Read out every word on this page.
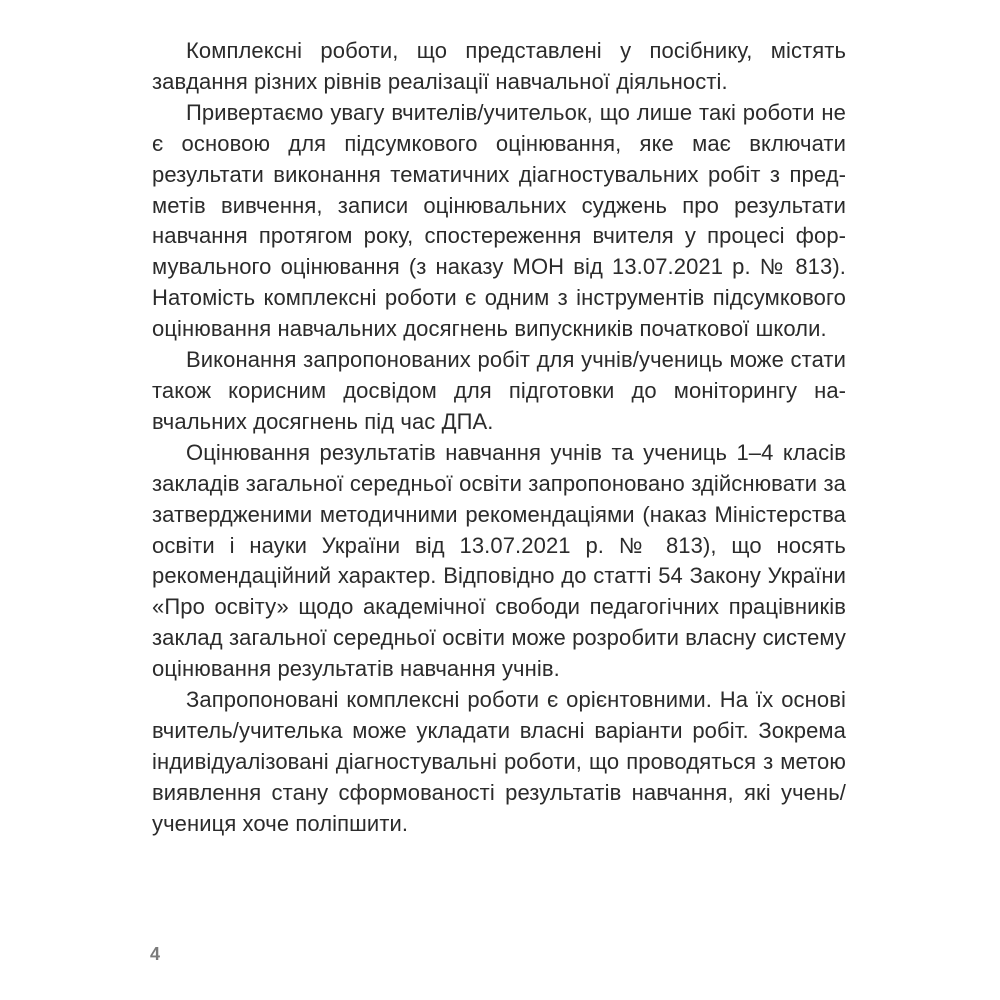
Комплексні роботи, що представлені у посібнику, містять завдання різних рівнів реалізації навчальної діяльності.

Привертаємо увагу вчителів/учительок, що лише такі роботи не є основою для підсумкового оцінювання, яке має включати результати виконання тематичних діагностувальних робіт з предметів вивчення, записи оцінювальних суджень про результати навчання протягом року, спостереження вчителя у процесі формувального оцінювання (з наказу МОН від 13.07.2021 р. № 813). Натомість комплексні роботи є одним з інструментів підсумкового оцінювання навчальних досягнень випускників початкової школи.

Виконання запропонованих робіт для учнів/учениць може стати також корисним досвідом для підготовки до моніторингу навчальних досягнень під час ДПА.

Оцінювання результатів навчання учнів та учениць 1–4 класів закладів загальної середньої освіти запропоновано здійснювати за затвердженими методичними рекомендаціями (наказ Міністерства освіти і науки України від 13.07.2021 р. № 813), що носять рекомендаційний характер. Відповідно до статті 54 Закону України «Про освіту» щодо академічної свободи педагогічних працівників заклад загальної середньої освіти може розробити власну систему оцінювання результатів навчання учнів.

Запропоновані комплексні роботи є орієнтовними. На їх основі вчитель/учителька може укладати власні варіанти робіт. Зокрема індивідуалізовані діагностувальні роботи, що проводяться з метою виявлення стану сформованості результатів навчання, які учень/учениця хоче поліпшити.

4
